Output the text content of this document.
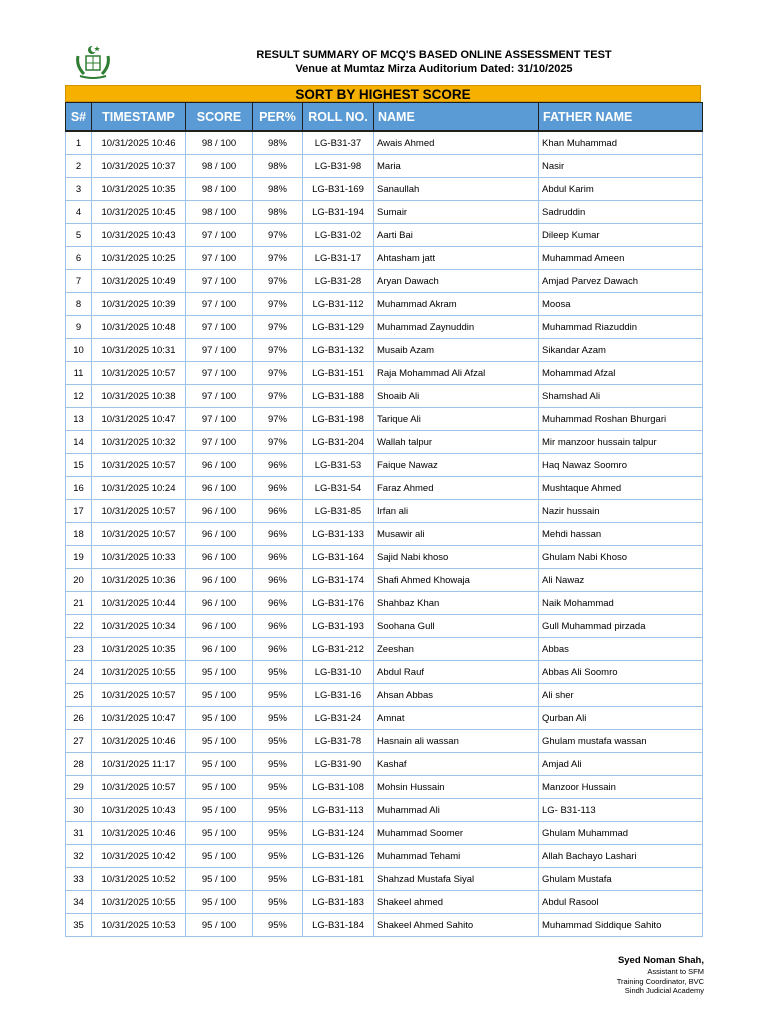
RESULT SUMMARY OF MCQ'S BASED ONLINE ASSESSMENT TEST
Venue at Mumtaz Mirza Auditorium Dated: 31/10/2025
SORT BY HIGHEST SCORE
S#	TIMESTAMP	SCORE	PER%	ROLL NO.	NAME	FATHER NAME
1	10/31/2025 10:46	98 / 100	98%	LG-B31-37	Awais Ahmed	Khan Muhammad
2	10/31/2025 10:37	98 / 100	98%	LG-B31-98	Maria	Nasir
3	10/31/2025 10:35	98 / 100	98%	LG-B31-169	Sanaullah	Abdul Karim
4	10/31/2025 10:45	98 / 100	98%	LG-B31-194	Sumair	Sadruddin
5	10/31/2025 10:43	97 / 100	97%	LG-B31-02	Aarti Bai	Dileep Kumar
6	10/31/2025 10:25	97 / 100	97%	LG-B31-17	Ahtasham jatt	Muhammad Ameen
7	10/31/2025 10:49	97 / 100	97%	LG-B31-28	Aryan Dawach	Amjad Parvez Dawach
8	10/31/2025 10:39	97 / 100	97%	LG-B31-112	Muhammad Akram	Moosa
9	10/31/2025 10:48	97 / 100	97%	LG-B31-129	Muhammad Zaynuddin	Muhammad Riazuddin
10	10/31/2025 10:31	97 / 100	97%	LG-B31-132	Musaib Azam	Sikandar Azam
11	10/31/2025 10:57	97 / 100	97%	LG-B31-151	Raja Mohammad Ali Afzal	Mohammad Afzal
12	10/31/2025 10:38	97 / 100	97%	LG-B31-188	Shoaib Ali	Shamshad Ali
13	10/31/2025 10:47	97 / 100	97%	LG-B31-198	Tarique Ali	Muhammad Roshan Bhurgari
14	10/31/2025 10:32	97 / 100	97%	LG-B31-204	Wallah talpur	Mir manzoor hussain talpur
15	10/31/2025 10:57	96 / 100	96%	LG-B31-53	Faique Nawaz	Haq Nawaz Soomro
16	10/31/2025 10:24	96 / 100	96%	LG-B31-54	Faraz Ahmed	Mushtaque Ahmed
17	10/31/2025 10:57	96 / 100	96%	LG-B31-85	Irfan ali	Nazir hussain
18	10/31/2025 10:57	96 / 100	96%	LG-B31-133	Musawir ali	Mehdi hassan
19	10/31/2025 10:33	96 / 100	96%	LG-B31-164	Sajid Nabi khoso	Ghulam Nabi Khoso
20	10/31/2025 10:36	96 / 100	96%	LG-B31-174	Shafi Ahmed Khowaja	Ali Nawaz
21	10/31/2025 10:44	96 / 100	96%	LG-B31-176	Shahbaz Khan	Naik Mohammad
22	10/31/2025 10:34	96 / 100	96%	LG-B31-193	Soohana Gull	Gull Muhammad pirzada
23	10/31/2025 10:35	96 / 100	96%	LG-B31-212	Zeeshan	Abbas
24	10/31/2025 10:55	95 / 100	95%	LG-B31-10	Abdul Rauf	Abbas Ali Soomro
25	10/31/2025 10:57	95 / 100	95%	LG-B31-16	Ahsan Abbas	Ali sher
26	10/31/2025 10:47	95 / 100	95%	LG-B31-24	Amnat	Qurban Ali
27	10/31/2025 10:46	95 / 100	95%	LG-B31-78	Hasnain ali wassan	Ghulam mustafa wassan
28	10/31/2025 11:17	95 / 100	95%	LG-B31-90	Kashaf	Amjad Ali
29	10/31/2025 10:57	95 / 100	95%	LG-B31-108	Mohsin Hussain	Manzoor Hussain
30	10/31/2025 10:43	95 / 100	95%	LG-B31-113	Muhammad Ali	LG- B31-113
31	10/31/2025 10:46	95 / 100	95%	LG-B31-124	Muhammad Soomer	Ghulam Muhammad
32	10/31/2025 10:42	95 / 100	95%	LG-B31-126	Muhammad Tehami	Allah Bachayo Lashari
33	10/31/2025 10:52	95 / 100	95%	LG-B31-181	Shahzad Mustafa Siyal	Ghulam Mustafa
34	10/31/2025 10:55	95 / 100	95%	LG-B31-183	Shakeel ahmed	Abdul Rasool
35	10/31/2025 10:53	95 / 100	95%	LG-B31-184	Shakeel Ahmed Sahito	Muhammad Siddique Sahito
Syed Noman Shah,
Assistant to SFM
Training Coordinator, BVC
Sindh Judicial Academy
